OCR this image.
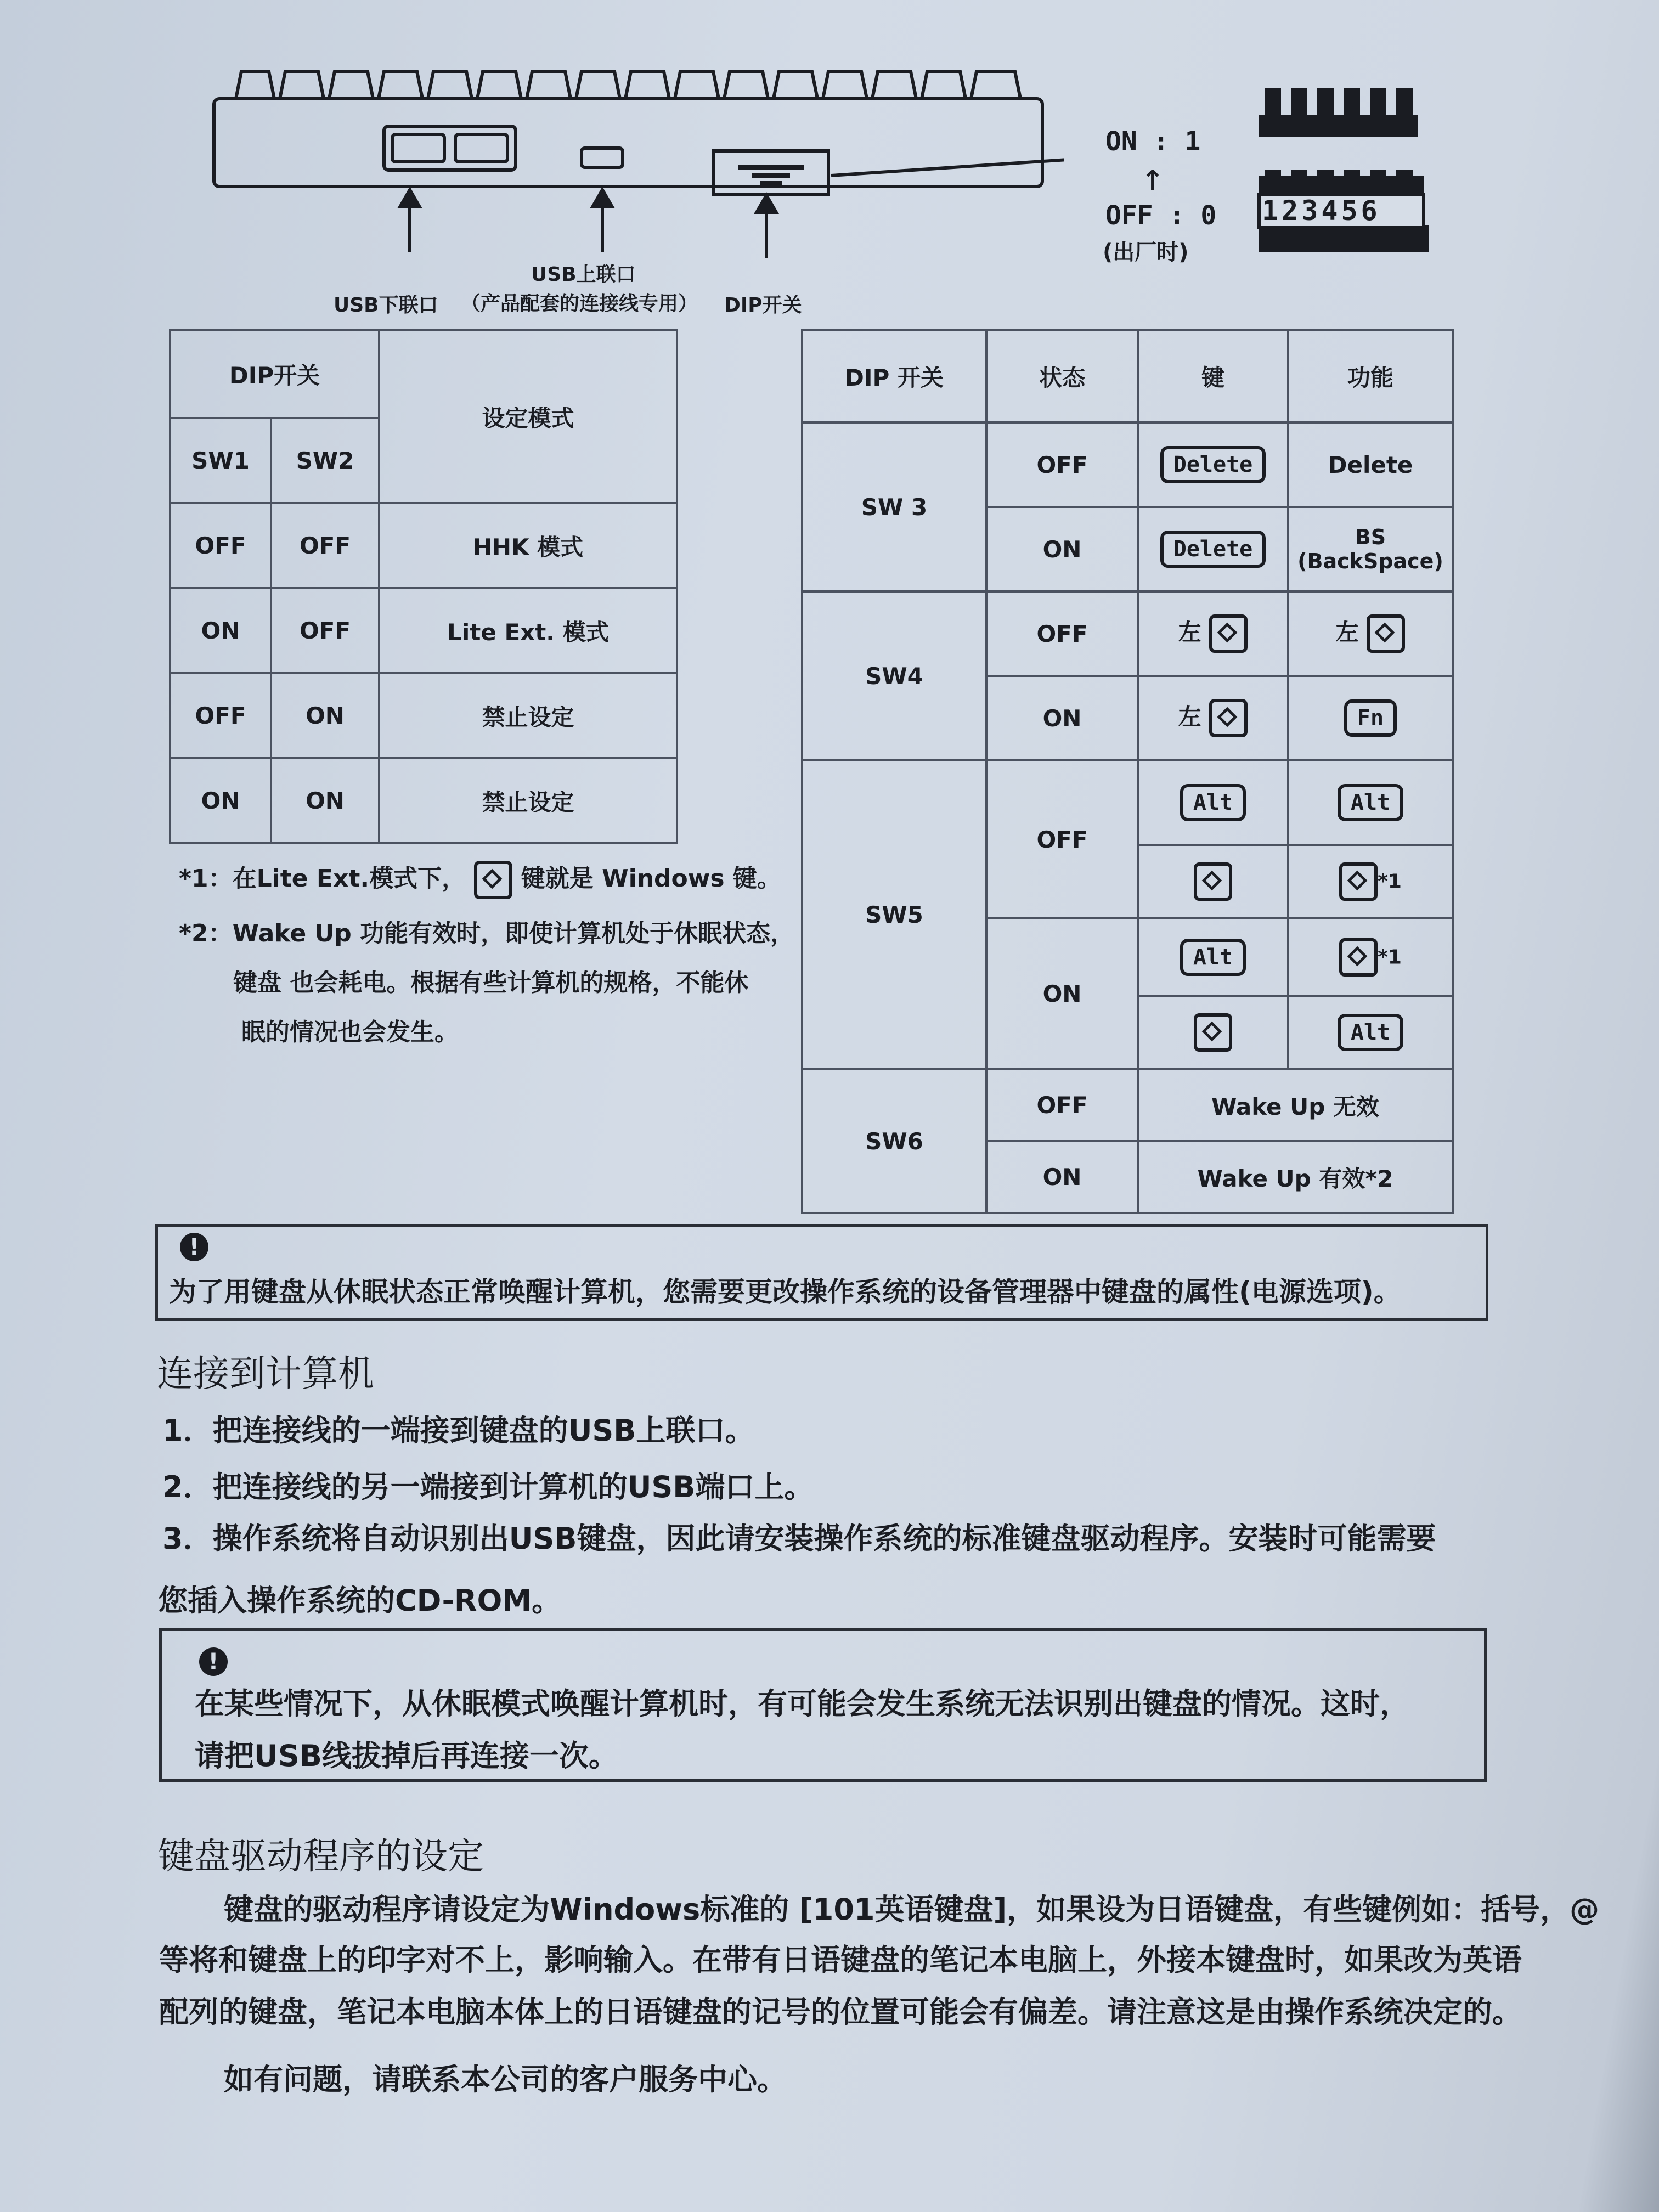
USB下联口
USB上联口
（产品配套的连接线专用） DIP开关
ON : 1
↑
OFF : 0
(出厂时)
123456
DIP开关		设定模式
SW1	SW2	
OFF	OFF	HHK 模式
ON	OFF	Lite Ext. 模式
OFF	ON	禁止设定
ON	ON	禁止设定
*1：在Lite Ext.模式下， 键就是 Windows 键。
*2：Wake Up 功能有效时，即使计算机处于休眠状态，
键盘 也会耗电。根据有些计算机的规格，不能休
眠的情况也会发生。
DIP 开关	状态	键	功能
SW 3	OFF	Delete	Delete
	ON	Delete	BS (BackSpace)
SW4	OFF	左	左
	ON	左	Fn
SW5	OFF	Alt	Alt
			*1
	ON	Alt	*1
			Alt
SW6	OFF	Wake Up 无效	
	ON	Wake Up 有效*2	
!
为了用键盘从休眠状态正常唤醒计算机，您需要更改操作系统的设备管理器中键盘的属性(电源选项)。
连接到计算机
1．把连接线的一端接到键盘的USB上联口。
2．把连接线的另一端接到计算机的USB端口上。
3．操作系统将自动识别出USB键盘，因此请安装操作系统的标准键盘驱动程序。安装时可能需要
您插入操作系统的CD-ROM。
!
在某些情况下，从休眠模式唤醒计算机时，有可能会发生系统无法识别出键盘的情况。这时，
请把USB线拔掉后再连接一次。
键盘驱动程序的设定
键盘的驱动程序请设定为Windows标准的 [101英语键盘]，如果设为日语键盘，有些键例如：括号，@
等将和键盘上的印字对不上，影响输入。在带有日语键盘的笔记本电脑上，外接本键盘时，如果改为英语
配列的键盘，笔记本电脑本体上的日语键盘的记号的位置可能会有偏差。请注意这是由操作系统决定的。
如有问题，请联系本公司的客户服务中心。
